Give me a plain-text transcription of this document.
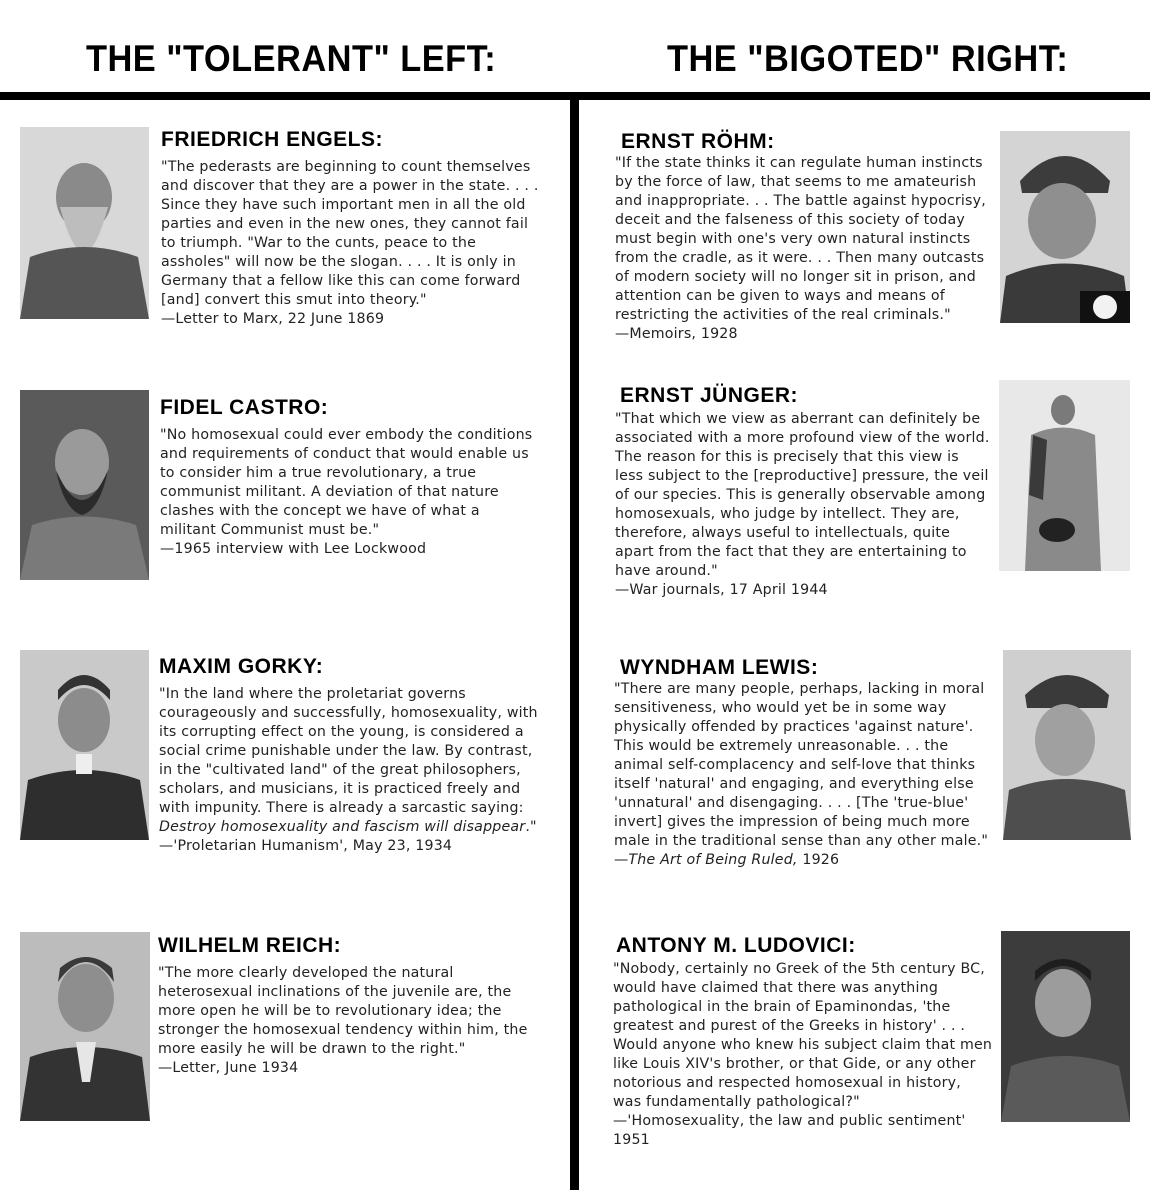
THE "TOLERANT" LEFT:	THE "BIGOTED" RIGHT:
FRIEDRICH ENGELS:

"The pederasts are beginning to count themselves and discover that they are a power in the state. . . . Since they have such important men in all the old parties and even in the new ones, they cannot fail to triumph. "War to the cunts, peace to the assholes" will now be the slogan. . . . It is only in Germany that a fellow like this can come forward [and] convert this smut into theory."

—Letter to Marx, 22 June 1869

FIDEL CASTRO:

"No homosexual could ever embody the conditions and requirements of conduct that would enable us to consider him a true revolutionary, a true communist militant. A deviation of that nature clashes with the concept we have of what a militant Communist must be."

—1965 interview with Lee Lockwood

MAXIM GORKY:

"In the land where the proletariat governs courageously and successfully, homosexuality, with its corrupting effect on the young, is considered a social crime punishable under the law. By contrast, in the "cultivated land" of the great philosophers, scholars, and musicians, it is practiced freely and with impunity. There is already a sarcastic saying: Destroy homosexuality and fascism will disappear."

—'Proletarian Humanism', May 23, 1934

WILHELM REICH:

"The more clearly developed the natural heterosexual inclinations of the juvenile are, the more open he will be to revolutionary idea; the stronger the homosexual tendency within him, the more easily he will be drawn to the right."

—Letter, June 1934

ERNST RÖHM:

"If the state thinks it can regulate human instincts by the force of law, that seems to me amateurish and inappropriate. . . The battle against hypocrisy, deceit and the falseness of this society of today must begin with one's very own natural instincts from the cradle, as it were. . . Then many outcasts of modern society will no longer sit in prison, and attention can be given to ways and means of restricting the activities of the real criminals."

—Memoirs, 1928

ERNST JÜNGER:

"That which we view as aberrant can definitely be associated with a more profound view of the world. The reason for this is precisely that this view is less subject to the [reproductive] pressure, the veil of our species. This is generally observable among homosexuals, who judge by intellect. They are, therefore, always useful to intellectuals, quite apart from the fact that they are entertaining to have around."

—War journals, 17 April 1944

WYNDHAM LEWIS:

"There are many people, perhaps, lacking in moral sensitiveness, who would yet be in some way physically offended by practices 'against nature'. This would be extremely unreasonable. . . the animal self-complacency and self-love that thinks itself 'natural' and engaging, and everything else 'unnatural' and disengaging. . . . [The 'true-blue' invert] gives the impression of being much more male in the traditional sense than any other male."

—The Art of Being Ruled, 1926

ANTONY M. LUDOVICI:

"Nobody, certainly no Greek of the 5th century BC, would have claimed that there was anything pathological in the brain of Epaminondas, 'the greatest and purest of the Greeks in history' . . . Would anyone who knew his subject claim that men like Louis XIV's brother, or that Gide, or any other notorious and respected homosexual in history, was fundamentally pathological?"

—'Homosexuality, the law and public sentiment' 1951
